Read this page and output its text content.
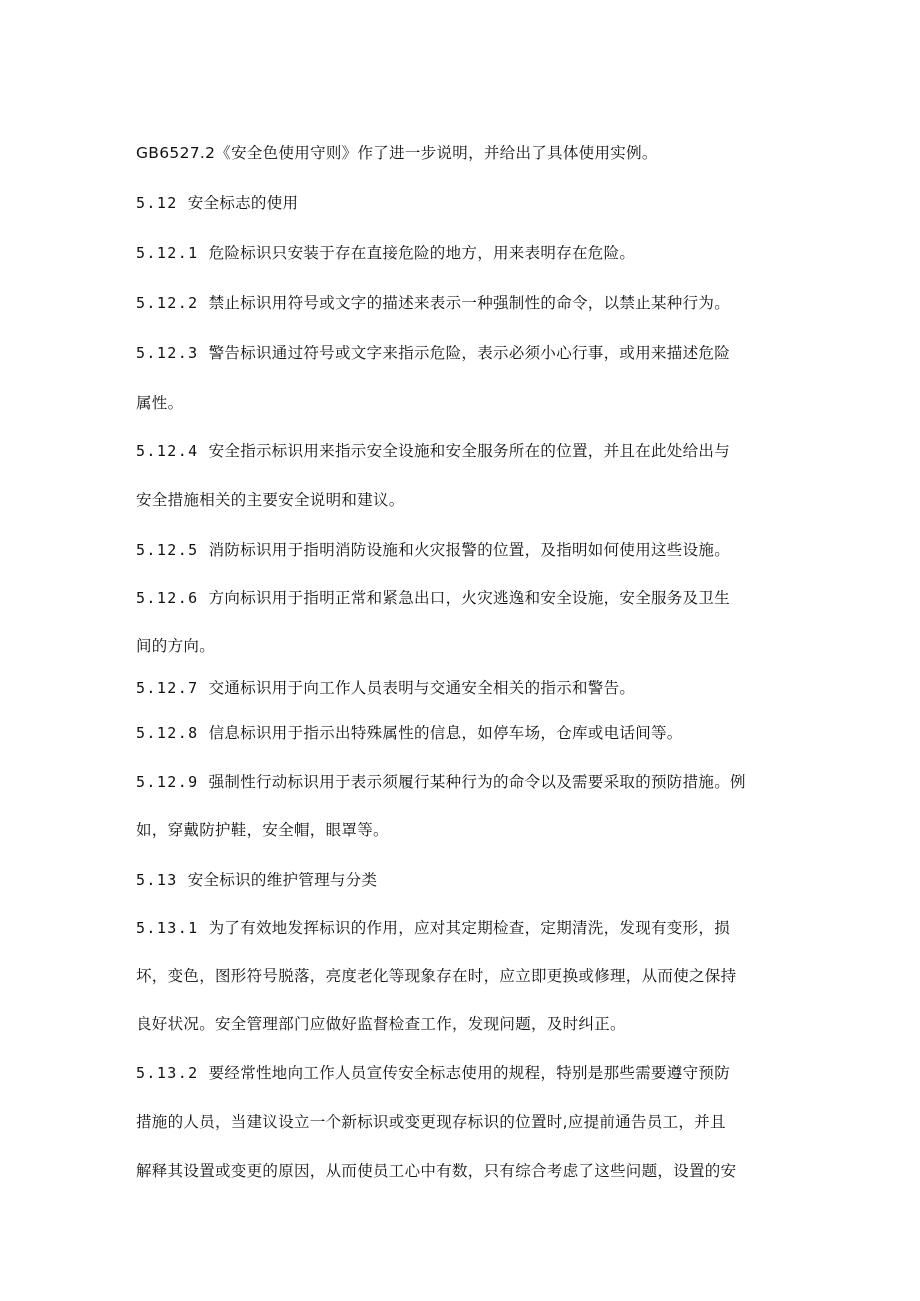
GB6527.2《安全色使用守则》作了进一步说明，并给出了具体使用实例。
5.12 安全标志的使用
5.12.1 危险标识只安装于存在直接危险的地方，用来表明存在危险。
5.12.2 禁止标识用符号或文字的描述来表示一种强制性的命令，以禁止某种行为。
5.12.3 警告标识通过符号或文字来指示危险，表示必须小心行事，或用来描述危险
属性。
5.12.4 安全指示标识用来指示安全设施和安全服务所在的位置，并且在此处给出与
安全措施相关的主要安全说明和建议。
5.12.5 消防标识用于指明消防设施和火灾报警的位置，及指明如何使用这些设施。
5.12.6 方向标识用于指明正常和紧急出口，火灾逃逸和安全设施，安全服务及卫生
间的方向。
5.12.7 交通标识用于向工作人员表明与交通安全相关的指示和警告。
5.12.8 信息标识用于指示出特殊属性的信息，如停车场，仓库或电话间等。
5.12.9 强制性行动标识用于表示须履行某种行为的命令以及需要采取的预防措施。例
如，穿戴防护鞋，安全帽，眼罩等。
5.13 安全标识的维护管理与分类
5.13.1 为了有效地发挥标识的作用，应对其定期检查，定期清洗，发现有变形，损
坏，变色，图形符号脱落，亮度老化等现象存在时，应立即更换或修理，从而使之保持
良好状况。安全管理部门应做好监督检查工作，发现问题，及时纠正。
5.13.2 要经常性地向工作人员宣传安全标志使用的规程，特别是那些需要遵守预防
措施的人员，当建议设立一个新标识或变更现存标识的位置时,应提前通告员工，并且
解释其设置或变更的原因，从而使员工心中有数，只有综合考虑了这些问题，设置的安
